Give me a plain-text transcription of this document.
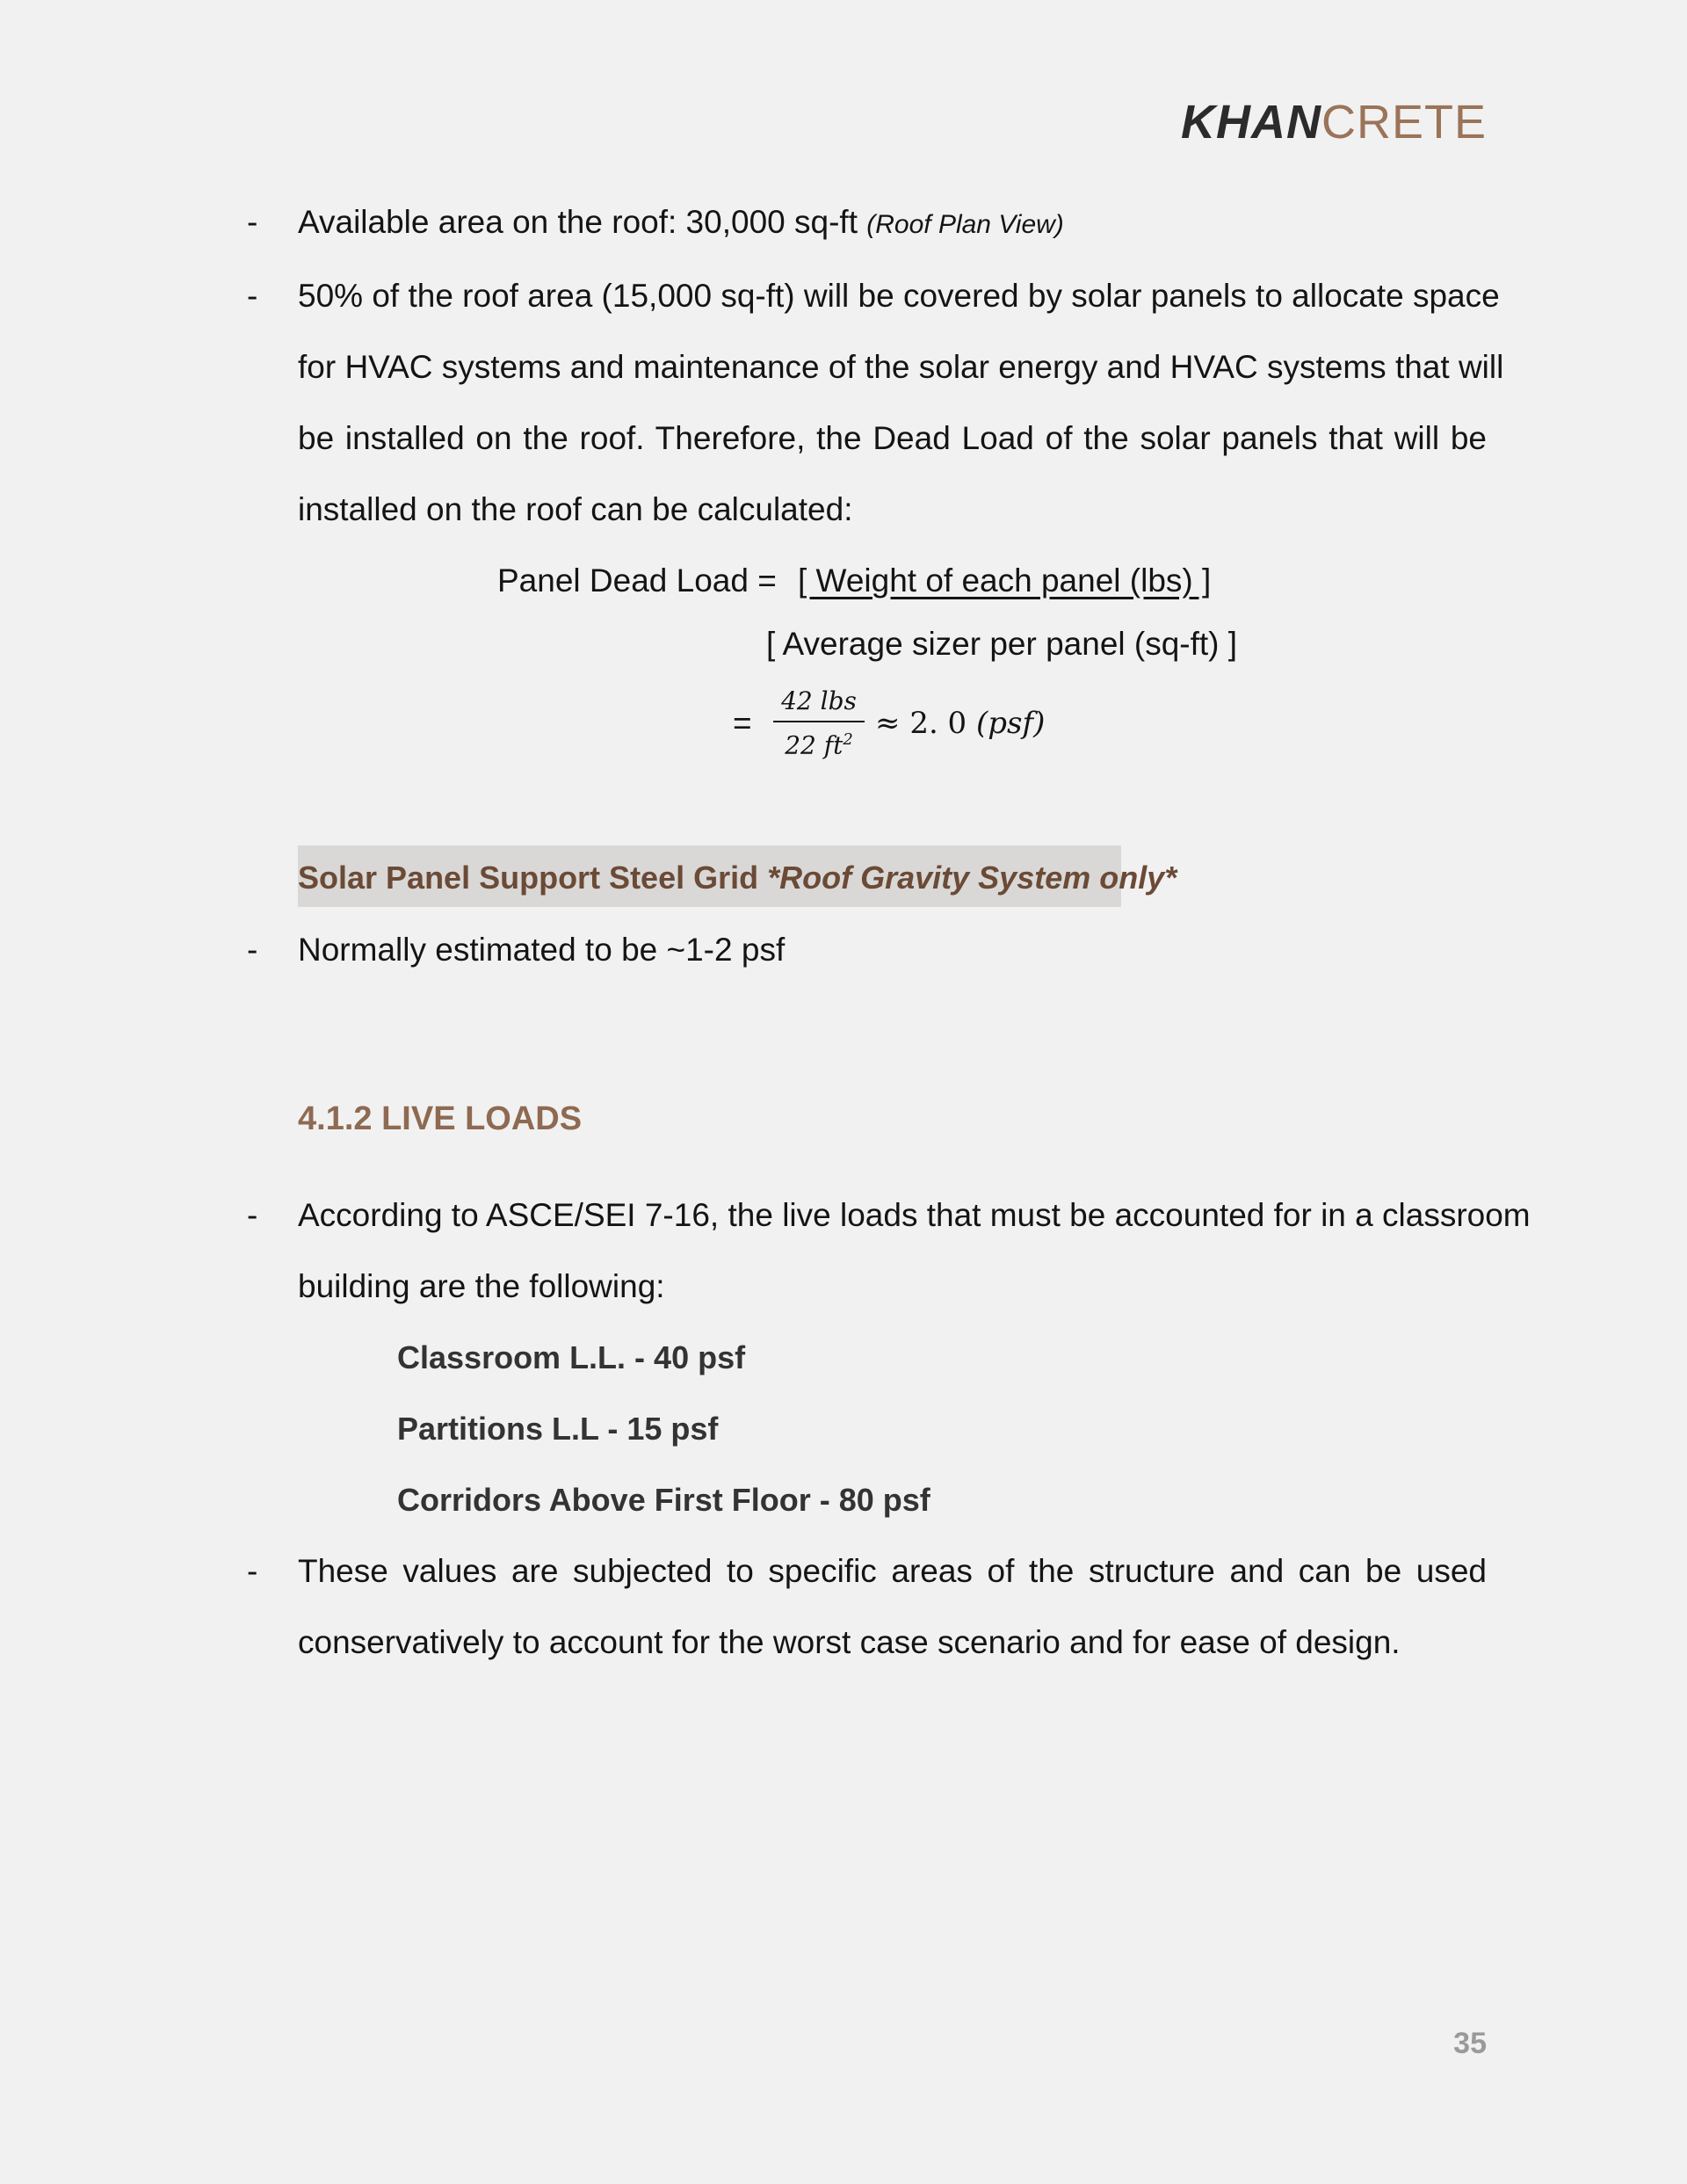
KHANCRETE
- Available area on the roof: 30,000 sq-ft (Roof Plan View)
- 50% of the roof area (15,000 sq-ft) will be covered by solar panels to allocate space
for HVAC systems and maintenance of the solar energy and HVAC systems that will
be installed on the roof. Therefore, the Dead Load of the solar panels that will be
installed on the roof can be calculated:
Panel Dead Load = [ Weight of each panel (lbs) ]
[ Average sizer per panel (sq-ft) ]
=
42 lbs
22 $ft^2 \approx 2$. 0 (psf)
Solar Panel Support Steel Grid *Roof Gravity System only*
- Normally estimated to be ~1-2 psf
4.1.2 LIVE LOADS
- According to ASCE/SEI 7-16, the live loads that must be accounted for in a classroom
building are the following:
Classroom L.L. - 40 psf
Partitions L.L - 15 psf
Corridors Above First Floor - 80 psf
- These values are subjected to specific areas of the structure and can be used
conservatively to account for the worst case scenario and for ease of design.
35
